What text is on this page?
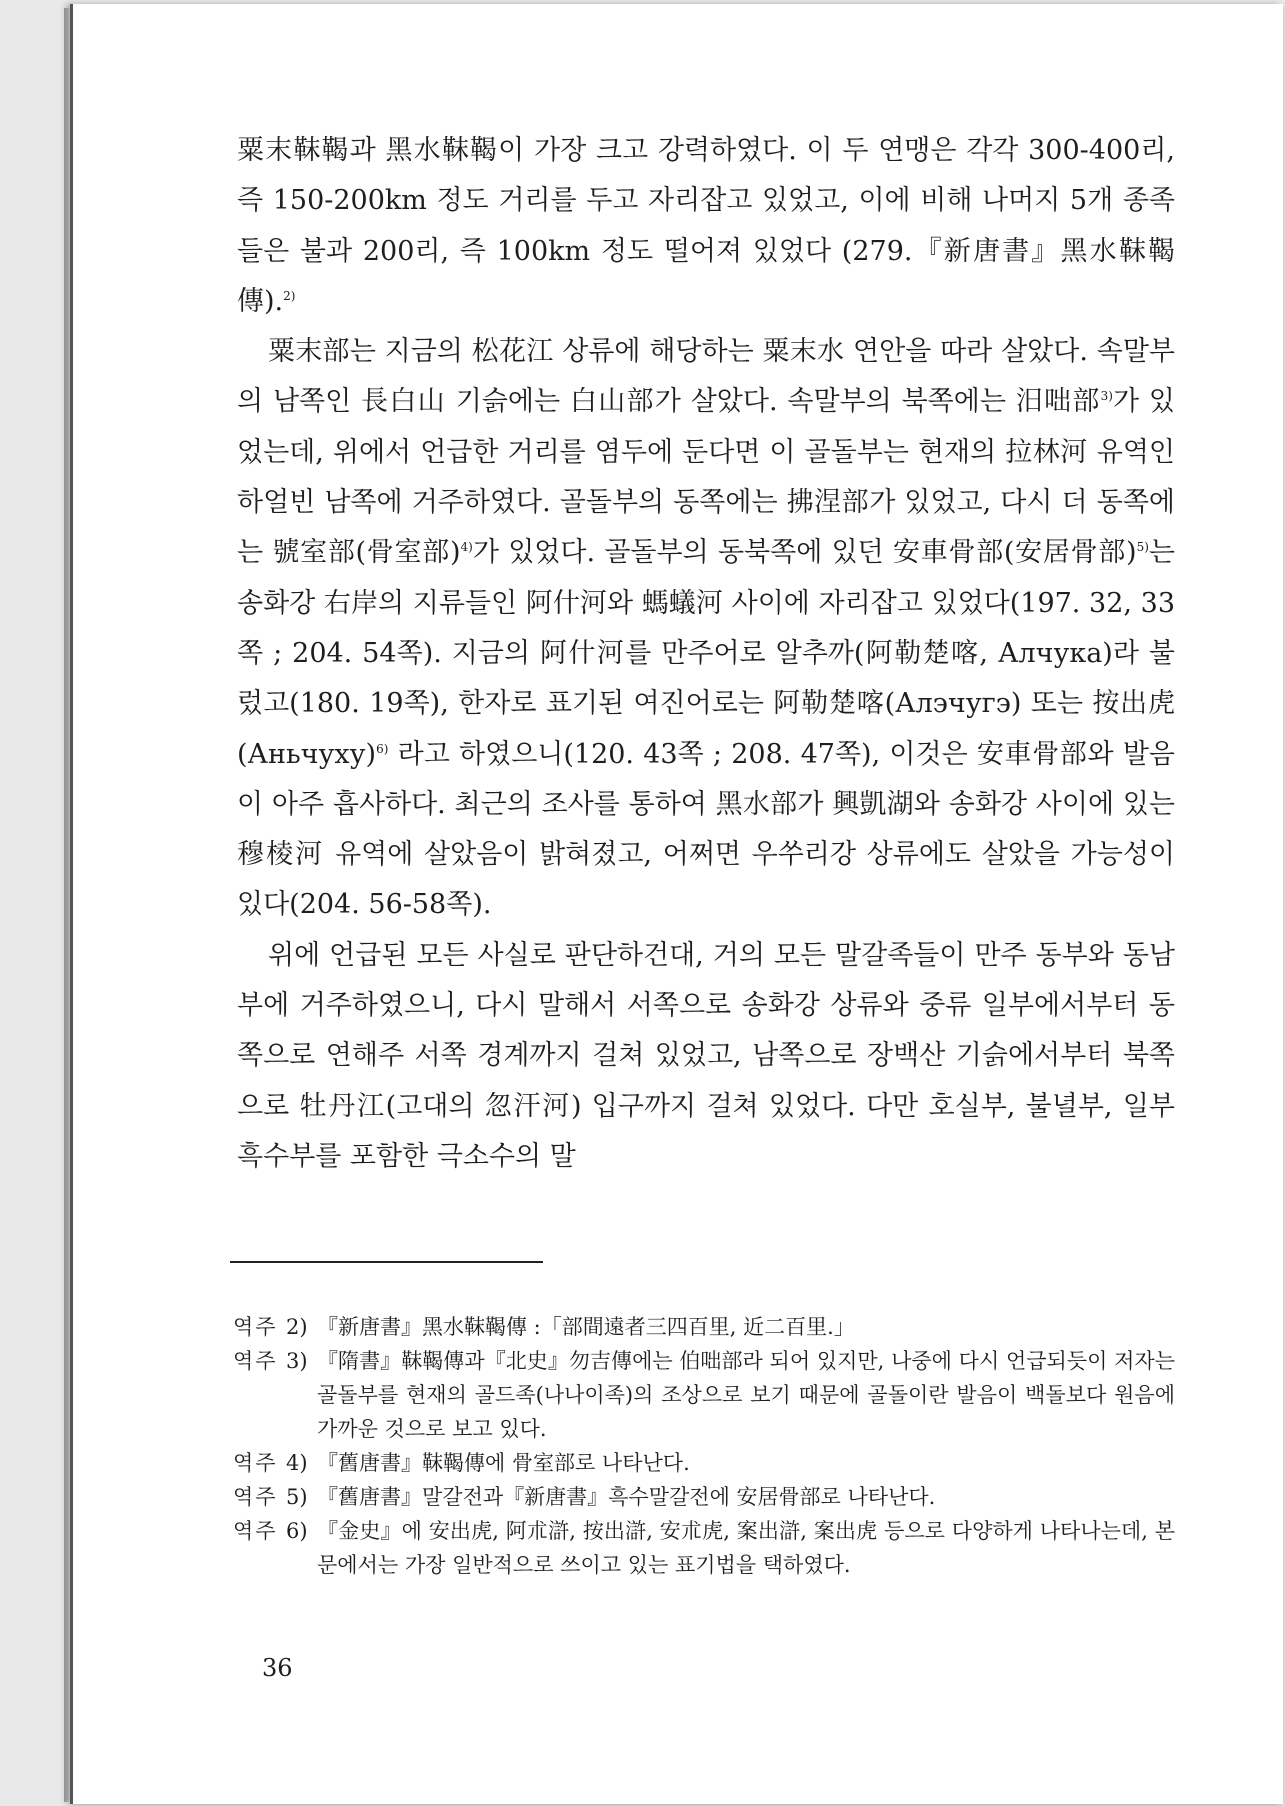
粟末靺鞨과 黑水靺鞨이 가장 크고 강력하였다. 이 두 연맹은 각각 300-400리, 즉 150-200km 정도 거리를 두고 자리잡고 있었고, 이에 비해 나머지 5개 종족들은 불과 200리, 즉 100km 정도 떨어져 있었다 (279.『新唐書』黑水靺鞨傳).$^{2)}$

粟末部는 지금의 松花江 상류에 해당하는 粟末水 연안을 따라 살았다. 속말부의 남쪽인 長白山 기슭에는 白山部가 살았다. 속말부의 북쪽에는 汨咄部$^{3)}$가 있었는데, 위에서 언급한 거리를 염두에 둔다면 이 골돌부는 현재의 拉林河 유역인 하얼빈 남쪽에 거주하였다. 골돌부의 동쪽에는 拂涅部가 있었고, 다시 더 동쪽에는 號室部(骨室部)$^{4)}$가 있었다. 골돌부의 동북쪽에 있던 安車骨部(安居骨部)$^{5)}$는 송화강 右岸의 지류들인 阿什河와 螞蟻河 사이에 자리잡고 있었다(197. 32, 33쪽 ; 204. 54쪽). 지금의 阿什河를 만주어로 알추까(阿勒楚喀, Алчука)라 불렀고(180. 19쪽), 한자로 표기된 여진어로는 阿勒楚喀(Алэчугэ) 또는 按出虎(Аньчуху)$^{6)}$ 라고 하였으니(120. 43쪽 ; 208. 47쪽), 이것은 安車骨部와 발음이 아주 흡사하다. 최근의 조사를 통하여 黑水部가 興凱湖와 송화강 사이에 있는 穆棱河 유역에 살았음이 밝혀졌고, 어쩌면 우쑤리강 상류에도 살았을 가능성이 있다(204. 56-58쪽).

위에 언급된 모든 사실로 판단하건대, 거의 모든 말갈족들이 만주 동부와 동남부에 거주하였으니, 다시 말해서 서쪽으로 송화강 상류와 중류 일부에서부터 동쪽으로 연해주 서쪽 경계까지 걸쳐 있었고, 남쪽으로 장백산 기슭에서부터 북쪽으로 牡丹江(고대의 忽汗河) 입구까지 걸쳐 있었다. 다만 호실부, 불녈부, 일부 흑수부를 포함한 극소수의 말

역주 2) 『新唐書』黑水靺鞨傳 :「部間遠者三四百里, 近二百里.」
역주 3) 『隋書』靺鞨傳과『北史』勿吉傳에는 伯咄部라 되어 있지만, 나중에 다시 언급되듯이 저자는 골돌부를 현재의 골드족(나나이족)의 조상으로 보기 때문에 골돌이란 발음이 백돌보다 원음에 가까운 것으로 보고 있다.
역주 4) 『舊唐書』靺鞨傳에 骨室部로 나타난다.
역주 5) 『舊唐書』말갈전과『新唐書』흑수말갈전에 安居骨部로 나타난다.
역주 6) 『金史』에 安出虎, 阿朮滸, 按出滸, 安朮虎, 案出滸, 案出虎 등으로 다양하게 나타나는데, 본문에서는 가장 일반적으로 쓰이고 있는 표기법을 택하였다.
36
